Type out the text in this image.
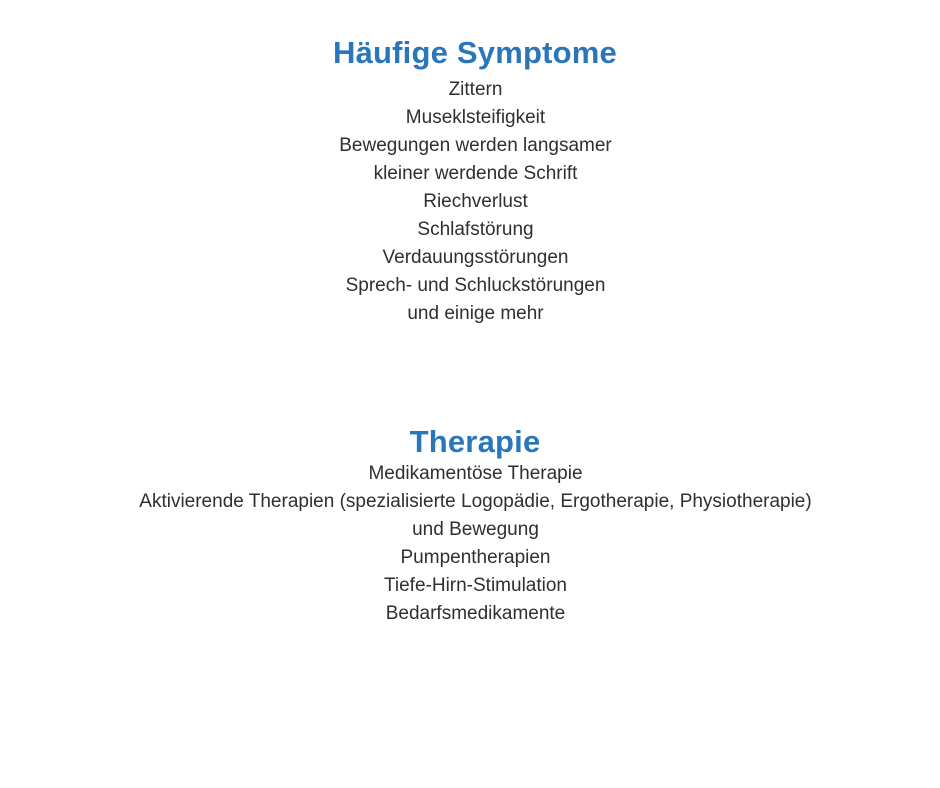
Häufige Symptome
Zittern
Museklsteifigkeit
Bewegungen werden langsamer
kleiner werdende Schrift
Riechverlust
Schlafstörung
Verdauungsstörungen
Sprech- und Schluckstörungen
und einige mehr
Therapie
Medikamentöse Therapie
Aktivierende Therapien (spezialisierte Logopädie, Ergotherapie, Physiotherapie)
und Bewegung
Pumpentherapien
Tiefe-Hirn-Stimulation
Bedarfsmedikamente
